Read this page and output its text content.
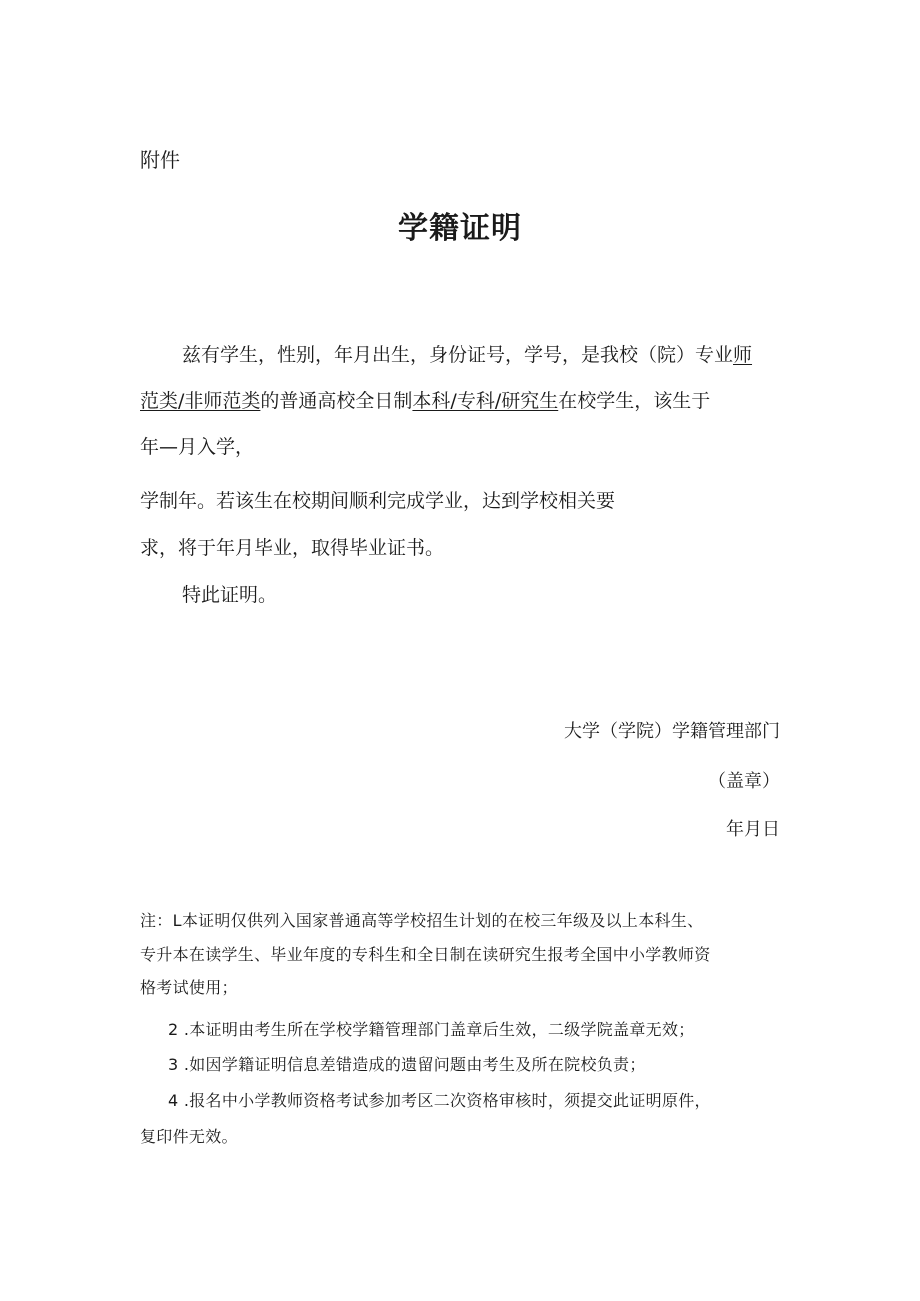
附件
学籍证明
兹有学生，性别，年月出生，身份证号，学号，是我校（院）专业师
范类/非师范类的普通高校全日制本科/专科/研究生在校学生，该生于
年—月入学，
学制年。若该生在校期间顺利完成学业，达到学校相关要
求，将于年月毕业，取得毕业证书。
特此证明。
大学（学院）学籍管理部门
（盖章）
年月日
注：L本证明仅供列入国家普通高等学校招生计划的在校三年级及以上本科生、
专升本在读学生、毕业年度的专科生和全日制在读研究生报考全国中小学教师资
格考试使用；
2 .本证明由考生所在学校学籍管理部门盖章后生效，二级学院盖章无效；
3 .如因学籍证明信息差错造成的遗留问题由考生及所在院校负责；
4 .报名中小学教师资格考试参加考区二次资格审核时，须提交此证明原件，
复印件无效。
